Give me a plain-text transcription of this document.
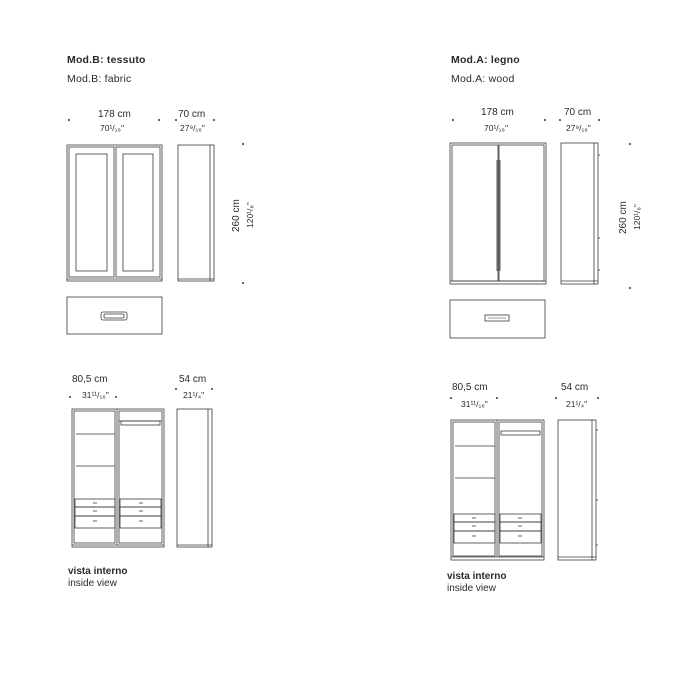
Mod.B: tessuto
Mod.B: fabric
178 cm
70¹/₁₆"
70 cm
27⁹/₁₆"
260 cm 120¹/₈"
80,5 cm
31¹¹/₁₆"
54 cm
21¹/₄"
vista interno
inside view
Mod.A: legno
Mod.A: wood
178 cm
70¹/₁₆"
70 cm
27⁹/₁₆"
260 cm 120¹/₈"
80,5 cm
31¹¹/₁₆"
54 cm
21¹/₄"
vista interno
inside view
